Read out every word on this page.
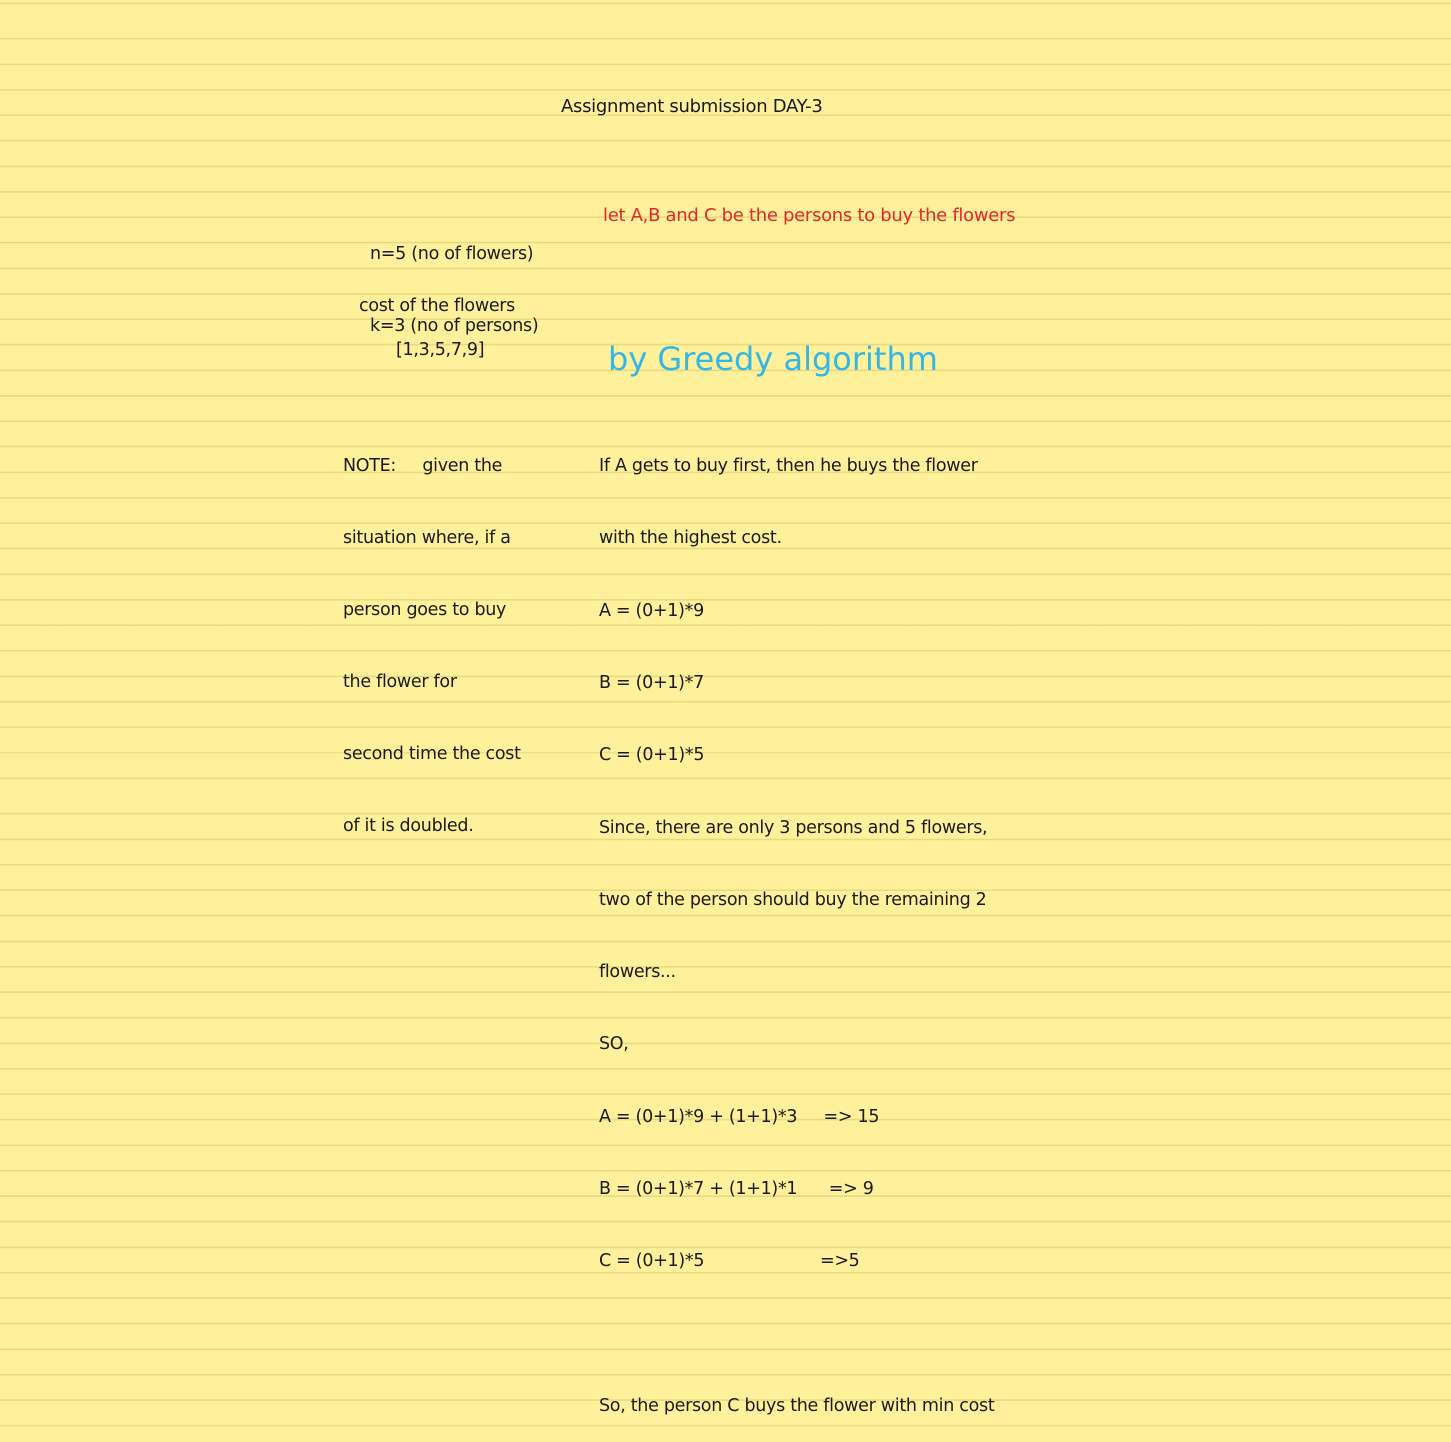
Assignment submission DAY-3

n=5 (no of flowers)

k=3 (no of persons)

let A,B and C be the persons to buy the flowers
cost of the flowers
[1,3,5,7,9]	by Greedy algorithm

NOTE:     given the

situation where, if a

person goes to buy

the flower for

second time the cost

of it is doubled.

If A gets to buy first, then he buys the flower

with the highest cost.

A = (0+1)*9

B = (0+1)*7

C = (0+1)*5

Since, there are only 3 persons and 5 flowers,

two of the person should buy the remaining 2

flowers...

SO,

A = (0+1)*9 + (1+1)*3     => 15

B = (0+1)*7 + (1+1)*1      => 9

C = (0+1)*5                      =>5

So, the person C buys the flower with min cost
